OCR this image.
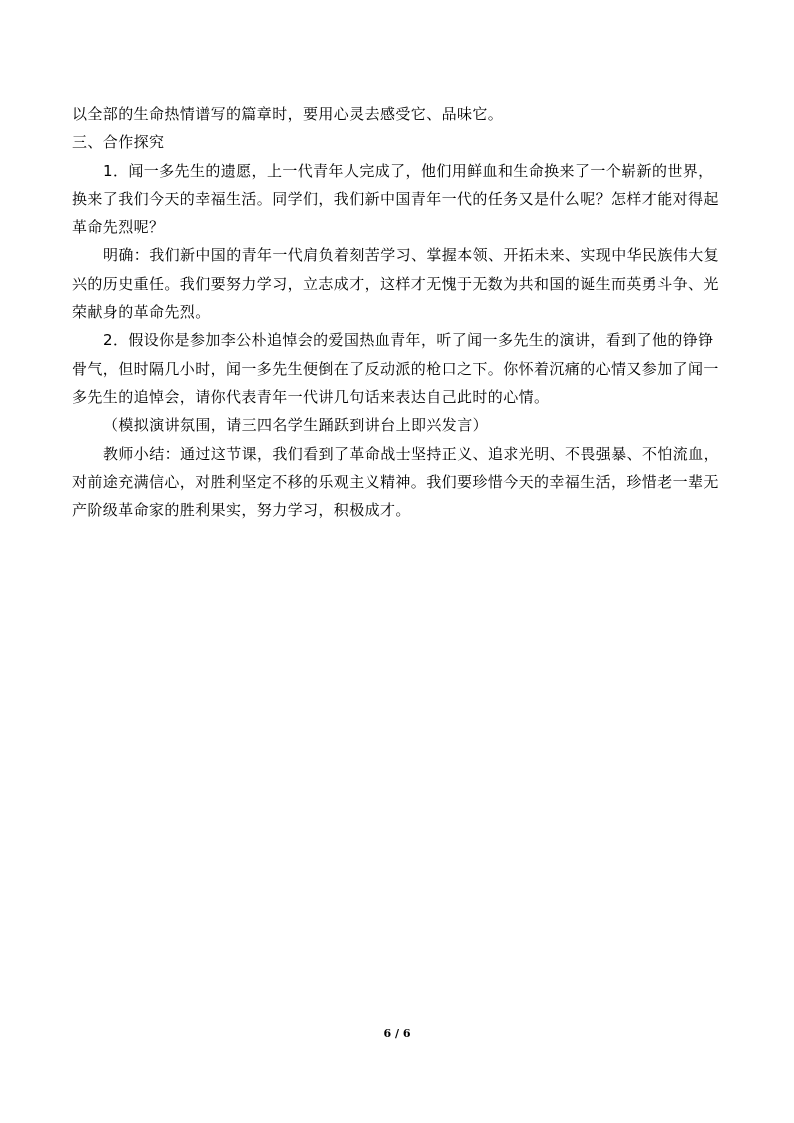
以全部的生命热情谱写的篇章时，要用心灵去感受它、品味它。

三、合作探究

1．闻一多先生的遗愿，上一代青年人完成了，他们用鲜血和生命换来了一个崭新的世界，换来了我们今天的幸福生活。同学们，我们新中国青年一代的任务又是什么呢？怎样才能对得起革命先烈呢？

明确：我们新中国的青年一代肩负着刻苦学习、掌握本领、开拓未来、实现中华民族伟大复兴的历史重任。我们要努力学习，立志成才，这样才无愧于无数为共和国的诞生而英勇斗争、光荣献身的革命先烈。

2．假设你是参加李公朴追悼会的爱国热血青年，听了闻一多先生的演讲，看到了他的铮铮骨气，但时隔几小时，闻一多先生便倒在了反动派的枪口之下。你怀着沉痛的心情又参加了闻一多先生的追悼会，请你代表青年一代讲几句话来表达自己此时的心情。

（模拟演讲氛围，请三四名学生踊跃到讲台上即兴发言）

教师小结：通过这节课，我们看到了革命战士坚持正义、追求光明、不畏强暴、不怕流血，对前途充满信心，对胜利坚定不移的乐观主义精神。我们要珍惜今天的幸福生活，珍惜老一辈无产阶级革命家的胜利果实，努力学习，积极成才。

6 / 6
